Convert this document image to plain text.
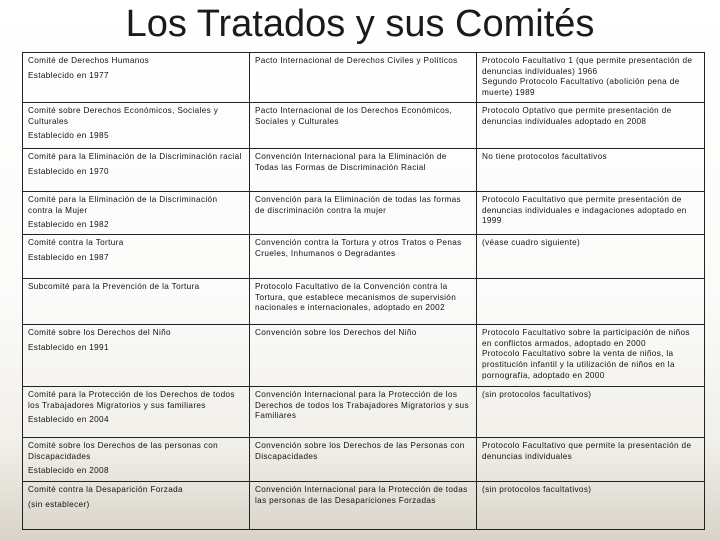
Los Tratados y sus Comités
Comité de Derechos Humanos
Establecido en 1977	Pacto Internacional de Derechos Civiles y Políticos	Protocolo Facultativo 1 (que permite presentación de denuncias individuales) 1966
Segundo Protocolo Facultativo (abolición pena de muerte) 1989

Comité sobre Derechos Económicos, Sociales y Culturales
Establecido en 1985	Pacto Internacional de los Derechos Económicos, Sociales y Culturales	Protocolo Optativo que permite presentación de denuncias individuales adoptado en 2008

Comité para la Eliminación de la Discriminación racial
Establecido en 1970	Convención Internacional para la Eliminación de Todas las Formas de Discriminación Racial	No tiene protocolos facultativos

Comité para la Eliminación de la Discriminación contra la Mujer
Establecido en 1982	Convención para la Eliminación de todas las formas de discriminación contra la mujer	Protocolo Facultativo que permite presentación de denuncias individuales e indagaciones adoptado en 1999

Comité contra la Tortura
Establecido en 1987	Convención contra la Tortura y otros Tratos o Penas Crueles, Inhumanos o Degradantes	(véase cuadro siguiente)

Subcomité para la Prevención de la Tortura	Protocolo Facultativo de la Convención contra la Tortura, que establece mecanismos de supervisión nacionales e internacionales, adoptado en 2002	

Comité sobre los Derechos del Niño
Establecido en 1991	Convención sobre los Derechos del Niño	Protocolo Facultativo sobre la participación de niños en conflictos armados, adoptado en 2000
Protocolo Facultativo sobre la venta de niños, la prostitución infantil y la utilización de niños en la pornografía, adoptado en 2000

Comité para la Protección de los Derechos de todos los Trabajadores Migratorios y sus familiares
Establecido en 2004	Convención Internacional para la Protección de los Derechos de todos los Trabajadores Migratorios y sus Familiares	(sin protocolos facultativos)

Comité sobre los Derechos de las personas con Discapacidades
Establecido en 2008	Convención sobre los Derechos de las Personas con Discapacidades	Protocolo Facultativo que permite la presentación de denuncias individuales

Comité contra la Desaparición Forzada
(sin establecer)	Convención Internacional para la Protección de todas las personas de las Desapariciones Forzadas	(sin protocolos facultativos)
